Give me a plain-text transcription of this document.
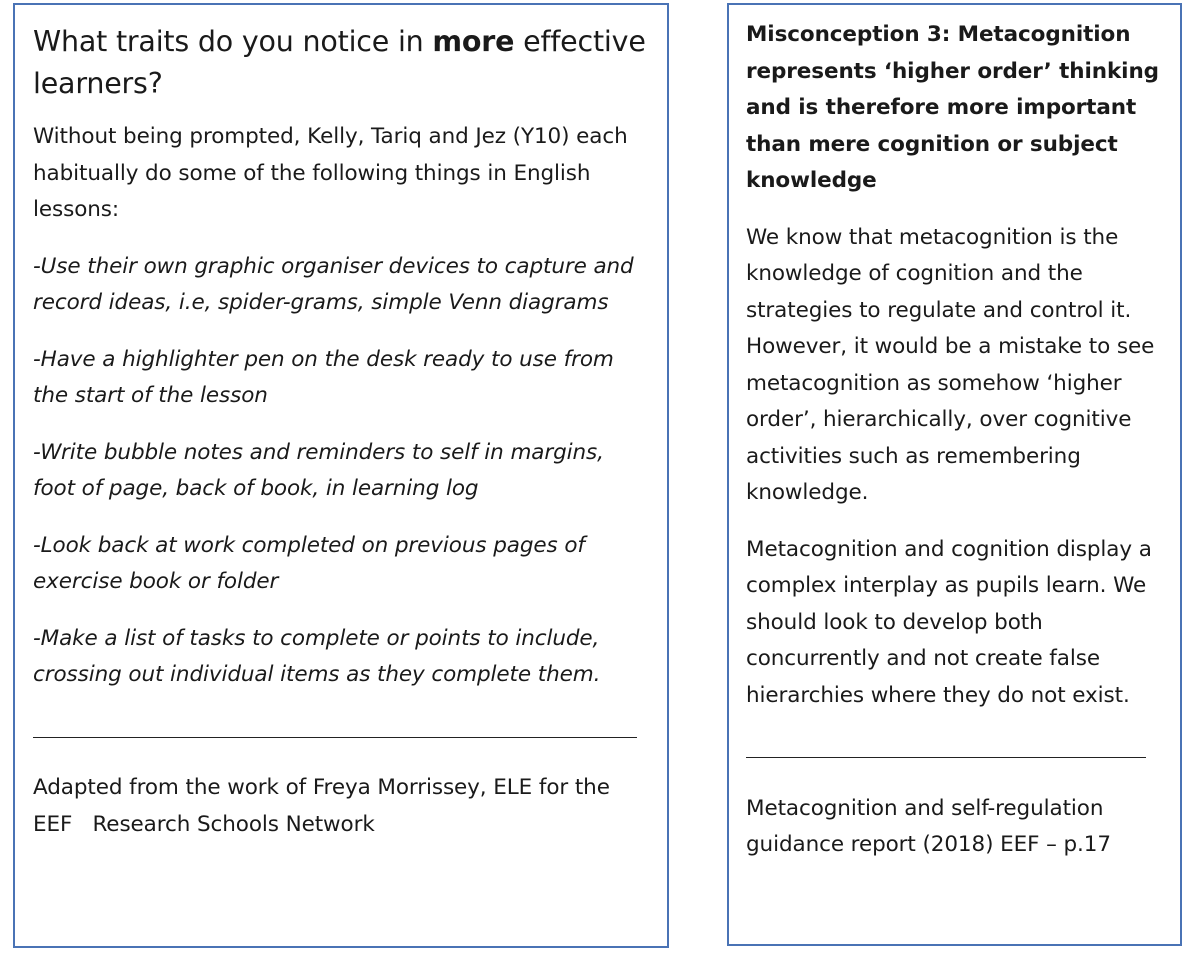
What traits do you notice in more effective learners?
Without being prompted, Kelly, Tariq and Jez (Y10) each habitually do some of the following things in English lessons:
-Use their own graphic organiser devices to capture and record ideas, i.e, spider-grams, simple Venn diagrams
-Have a highlighter pen on the desk ready to use from the start of the lesson
-Write bubble notes and reminders to self in margins, foot of page, back of book, in learning log
-Look back at work completed on previous pages of exercise book or folder
-Make a list of tasks to complete or points to include, crossing out individual items as they complete them.
Adapted from the work of Freya Morrissey, ELE for the EEF   Research Schools Network
Misconception 3: Metacognition represents ‘higher order’ thinking and is therefore more important than mere cognition or subject knowledge
We know that metacognition is the knowledge of cognition and the strategies to regulate and control it. However, it would be a mistake to see metacognition as somehow ‘higher order’, hierarchically, over cognitive activities such as remembering knowledge.
Metacognition and cognition display a complex interplay as pupils learn. We should look to develop both concurrently and not create false hierarchies where they do not exist.
Metacognition and self-regulation guidance report (2018) EEF – p.17
